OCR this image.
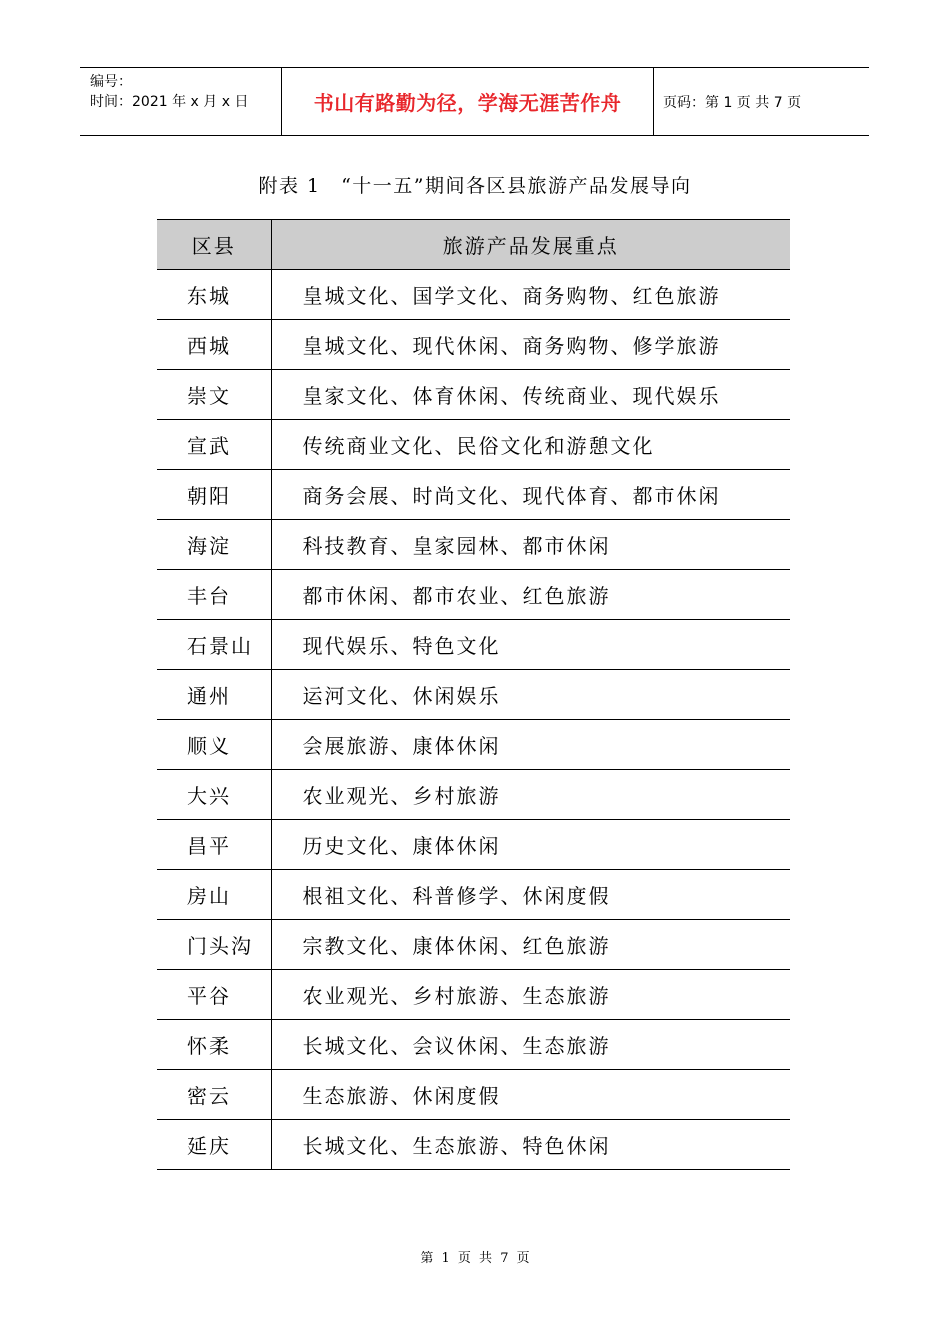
编号：
时间：2021 年 x 月 x 日	书山有路勤为径，学海无涯苦作舟	页码：第 1 页 共 7 页
附表 1　“十一五”期间各区县旅游产品发展导向
区县	旅游产品发展重点
东城	皇城文化、国学文化、商务购物、红色旅游
西城	皇城文化、现代休闲、商务购物、修学旅游
崇文	皇家文化、体育休闲、传统商业、现代娱乐
宣武	传统商业文化、民俗文化和游憩文化
朝阳	商务会展、时尚文化、现代体育、都市休闲
海淀	科技教育、皇家园林、都市休闲
丰台	都市休闲、都市农业、红色旅游
石景山	现代娱乐、特色文化
通州	运河文化、休闲娱乐
顺义	会展旅游、康体休闲
大兴	农业观光、乡村旅游
昌平	历史文化、康体休闲
房山	根祖文化、科普修学、休闲度假
门头沟	宗教文化、康体休闲、红色旅游
平谷	农业观光、乡村旅游、生态旅游
怀柔	长城文化、会议休闲、生态旅游
密云	生态旅游、休闲度假
延庆	长城文化、生态旅游、特色休闲
第 1 页 共 7 页
